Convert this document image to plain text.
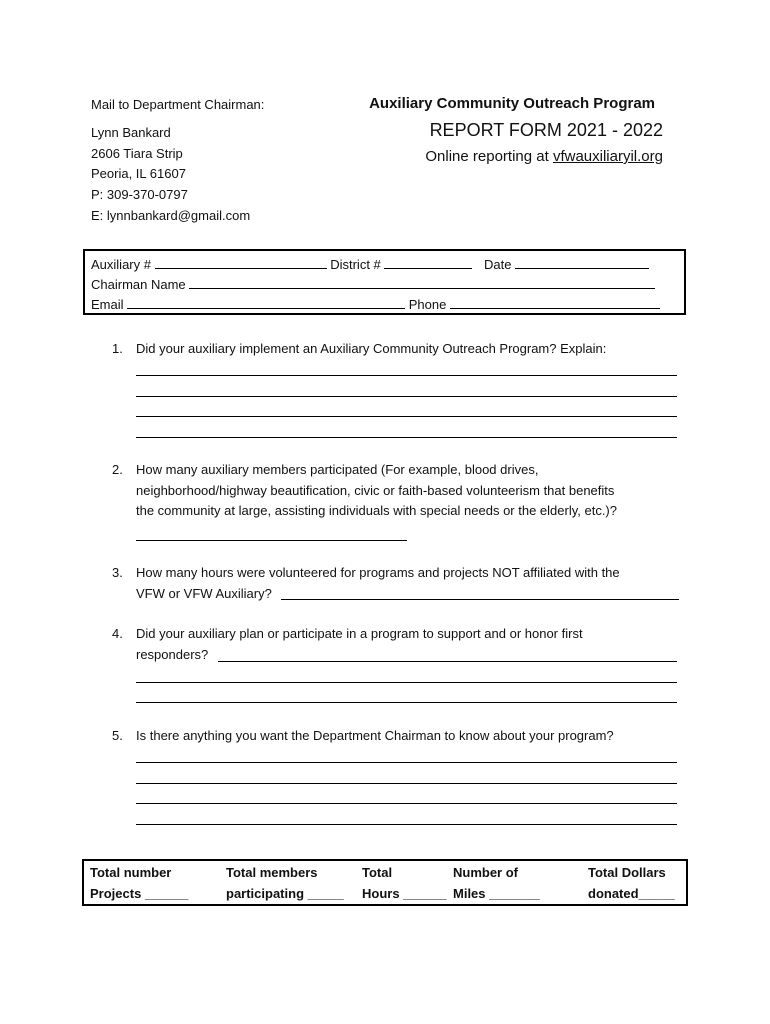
Mail to Department Chairman:
Lynn Bankard
2606 Tiara Strip
Peoria, IL 61607
P: 309-370-0797
E: lynnbankard@gmail.com
Auxiliary Community Outreach Program
REPORT FORM 2021 - 2022
Online reporting at vfwauxiliaryil.org
Auxiliary #	District #	Date
Chairman Name
Email	Phone
1. Did your auxiliary implement an Auxiliary Community Outreach Program? Explain:
2. How many auxiliary members participated (For example, blood drives,
neighborhood/highway beautification, civic or faith-based volunteerism that benefits
the community at large, assisting individuals with special needs or the elderly, etc.)?
3. How many hours were volunteered for programs and projects NOT affiliated with the
VFW or VFW Auxiliary?
4. Did your auxiliary plan or participate in a program to support and or honor first
responders?
5. Is there anything you want the Department Chairman to know about your program?
Total number
Projects ______
Total members
participating _____
Total
Hours ______
Number of
Miles _______
Total Dollars
donated_____
